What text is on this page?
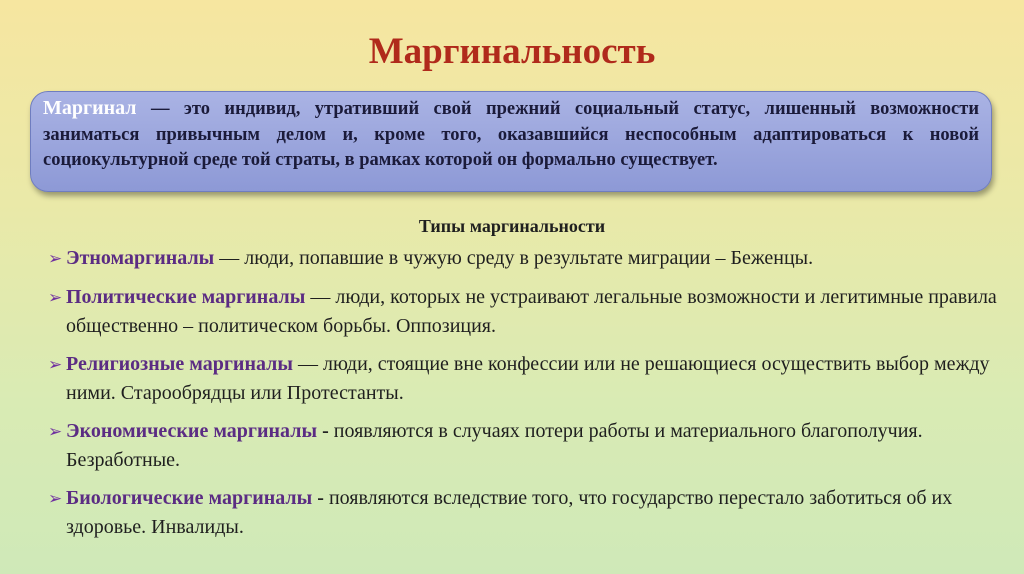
Маргинальность
Маргинал — это индивид, утративший свой прежний социальный статус, лишенный возможности заниматься привычным делом и, кроме того, оказавшийся неспособным адаптироваться к новой социокультурной среде той страты, в рамках которой он формально существует.
Типы маргинальности
➢ Этномаргиналы — люди, попавшие в чужую среду в результате миграции – Беженцы.
➢ Политические маргиналы — люди, которых не устраивают легальные возможности и легитимные правила общественно – политическом борьбы. Оппозиция.
➢ Религиозные маргиналы — люди, стоящие вне конфессии или не решающиеся осуществить выбор между ними. Старообрядцы или Протестанты.
➢ Экономические маргиналы - появляются в случаях потери работы и материального благополучия. Безработные.
➢ Биологические маргиналы - появляются вследствие того, что государство перестало заботиться об их здоровье. Инвалиды.
